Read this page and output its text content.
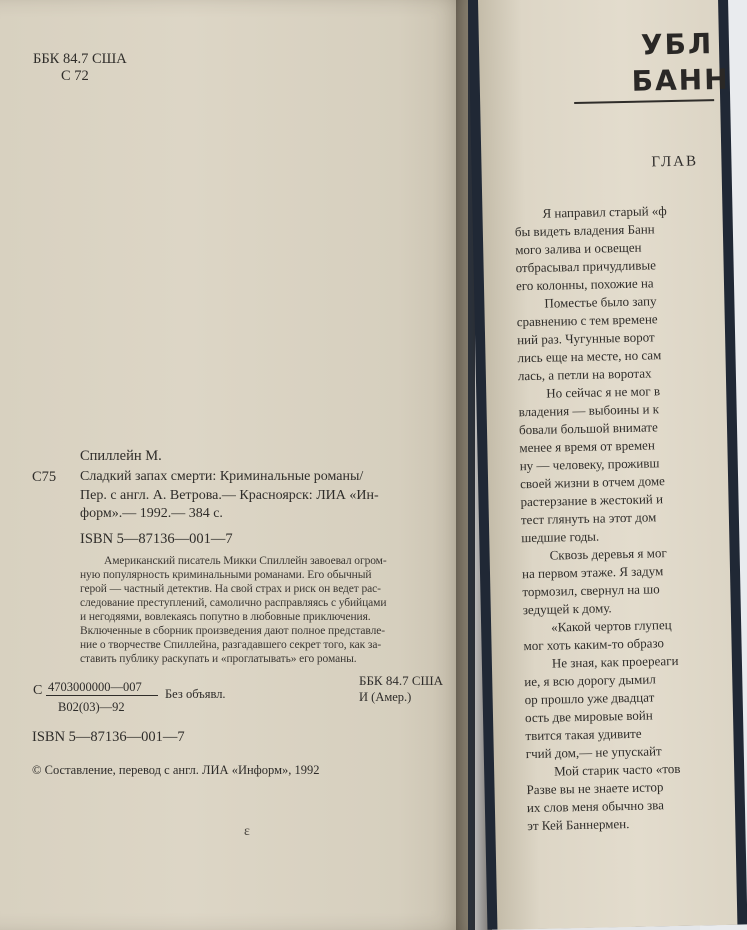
ББК 84.7 США
С 72
Спиллейн М.
С75 Сладкий запах смерти: Криминальные романы/
Пер. с англ. А. Ветрова.— Красноярск: ЛИА «Ин-
форм».— 1992.— 384 с.
ISBN 5—87136—001—7
Американский писатель Микки Спиллейн завоевал огром-
ную популярность криминальными романами. Его обычный
герой — частный детектив. На свой страх и риск он ведет рас-
следование преступлений, самолично расправляясь с убийцами
и негодяями, вовлекаясь попутно в любовные приключения.
Включенные в сборник произведения дают полное представле-
ние о творчестве Спиллейна, разгадавшего секрет того, как за-
ставить публику раскупать и «проглатывать» его романы.
С 4703000000—007
В02(03)—92
Без объявл.
ББК 84.7 США
И (Амер.)
ISBN 5—87136—001—7
© Составление, перевод с англ. ЛИА «Информ», 1992
ɛ
УБЛ
БАНН
ГЛАВ
Я направил старый «ф
бы видеть владения Банн
мого залива и освещен
отбрасывал причудливые
его колонны, похожие на
Поместье было запу
сравнению с тем времене
ний раз. Чугунные ворот
лись еще на месте, но сам
лась, а петли на воротах
Но сейчас я не мог в
владения — выбоины и к
бовали большой внимате
менее я время от времен
ну — человеку, проживш
своей жизни в отчем доме
растерзание в жестокий и
тест глянуть на этот дом
шедшие годы.
Сквозь деревья я мог
на первом этаже. Я задум
тормозил, свернул на шо
зедущей к дому.
«Какой чертов глупец
мог хоть каким-то образо
Не зная, как проереаги
ие, я всю дорогу дымил
ор прошло уже двадцат
ость две мировые войн
твится такая удивите
гчий дом,— не упускайт
Мой старик часто «тов
Разве вы не знаете истор
их слов меня обычно зва
эт Кей Баннермен.
